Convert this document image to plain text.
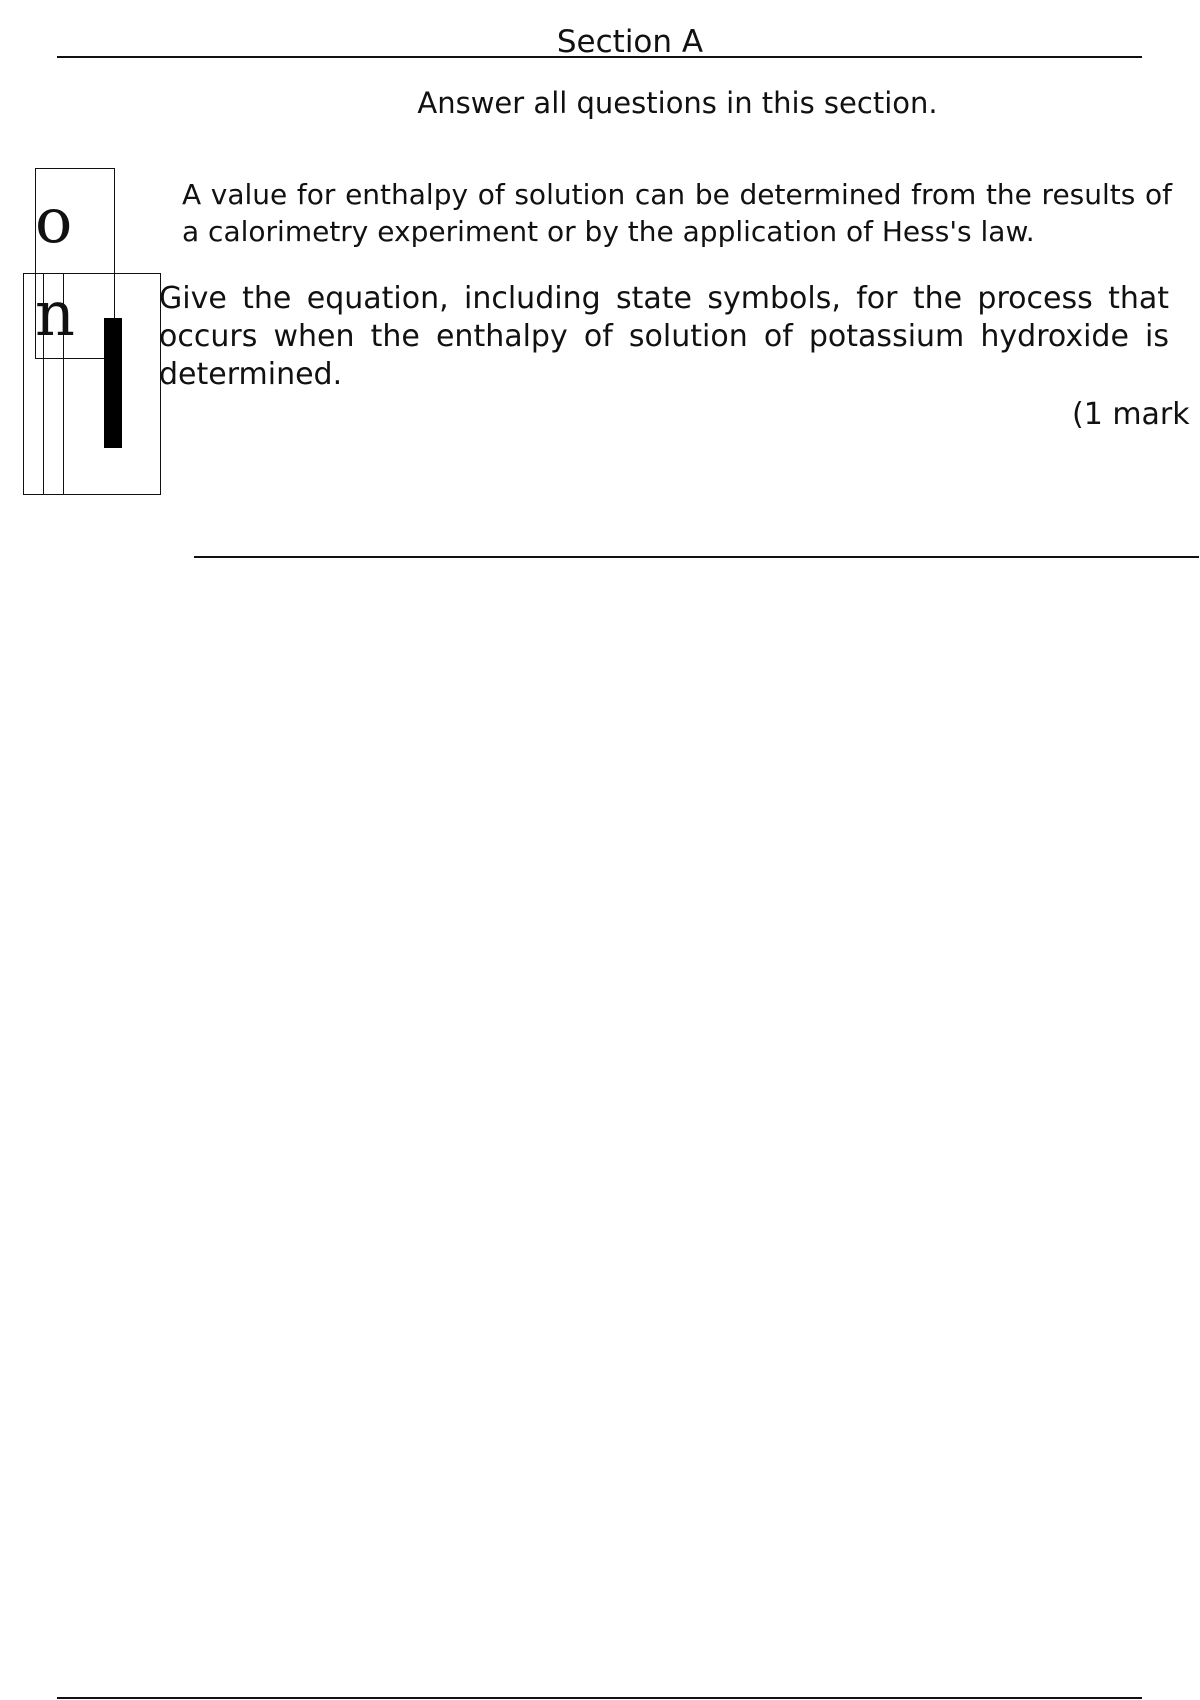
Section A

Answer all questions in this section.

o
n

A value for enthalpy of solution can be determined from the results of a calorimetry experiment or by the application of Hess's law.

Give the equation, including state symbols, for the process that occurs when the enthalpy of solution of potassium hydroxide is determined.

(1 mark
